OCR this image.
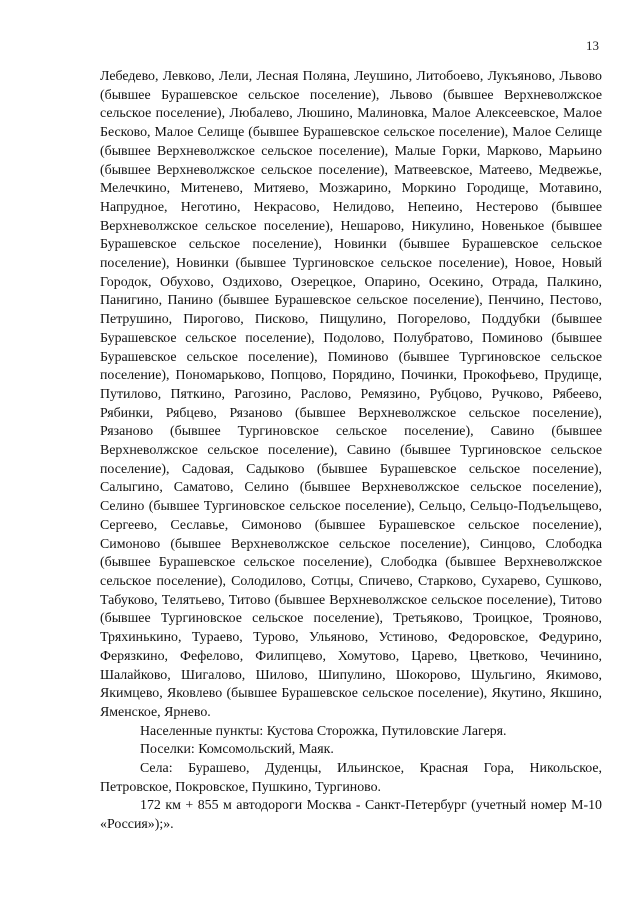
13

Лебедево, Левково, Лели, Лесная Поляна, Леушино, Литобоево, Лукъяново, Львово (бывшее Бурашевское сельское поселение), Львово (бывшее Верхневолжское сельское поселение), Любалево, Люшино, Малиновка, Малое Алексеевское, Малое Бесково, Малое Селище (бывшее Бурашевское сельское поселение), Малое Селище (бывшее Верхневолжское сельское поселение), Малые Горки, Марково, Марьино (бывшее Верхневолжское сельское поселение), Матвеевское, Матеево, Медвежье, Мелечкино, Митенево, Митяево, Мозжарино, Моркино Городище, Мотавино, Напрудное, Неготино, Некрасово, Нелидово, Непеино, Нестерово (бывшее Верхневолжское сельское поселение), Нешарово, Никулино, Новенькое (бывшее Бурашевское сельское поселение), Новинки (бывшее Бурашевское сельское поселение), Новинки (бывшее Тургиновское сельское поселение), Новое, Новый Городок, Обухово, Оздихово, Озерецкое, Опарино, Осекино, Отрада, Палкино, Панигино, Панино (бывшее Бурашевское сельское поселение), Пенчино, Пестово, Петрушино, Пирогово, Писково, Пищулино, Погорелово, Поддубки (бывшее Бурашевское сельское поселение), Подолово, Полубратово, Поминово (бывшее Бурашевское сельское поселение), Поминово (бывшее Тургиновское сельское поселение), Пономарьково, Попцово, Порядино, Починки, Прокофьево, Прудище, Путилово, Пяткино, Рагозино, Раслово, Ремязино, Рубцово, Ручково, Рябеево, Рябинки, Рябцево, Рязаново (бывшее Верхневолжское сельское поселение), Рязаново (бывшее Тургиновское сельское поселение), Савино (бывшее Верхневолжское сельское поселение), Савино (бывшее Тургиновское сельское поселение), Садовая, Садыково (бывшее Бурашевское сельское поселение), Салыгино, Саматово, Селино (бывшее Верхневолжское сельское поселение), Селино (бывшее Тургиновское сельское поселение), Сельцо, Сельцо-Подъельщево, Сергеево, Сеславье, Симоново (бывшее Бурашевское сельское поселение), Симоново (бывшее Верхневолжское сельское поселение), Синцово, Слободка (бывшее Бурашевское сельское поселение), Слободка (бывшее Верхневолжское сельское поселение), Солодилово, Сотцы, Спичево, Старково, Сухарево, Сушково, Табуково, Телятьево, Титово (бывшее Верхневолжское сельское поселение), Титово (бывшее Тургиновское сельское поселение), Третьяково, Троицкое, Трояново, Тряхинькино, Тураево, Турово, Ульяново, Устиново, Федоровское, Федурино, Ферязкино, Фефелово, Филипцево, Хомутово, Царево, Цветково, Чечинино, Шалайково, Шигалово, Шилово, Шипулино, Шокорово, Шульгино, Якимово, Якимцево, Яковлево (бывшее Бурашевское сельское поселение), Якутино, Якшино, Яменское, Ярнево.

Населенные пункты: Кустова Сторожка, Путиловские Лагеря.

Поселки: Комсомольский, Маяк.

Села: Бурашево, Дуденцы, Ильинское, Красная Гора, Никольское, Петровское, Покровское, Пушкино, Тургиново.

172 км + 855 м автодороги Москва - Санкт-Петербург (учетный номер М-10 «Россия»);».
